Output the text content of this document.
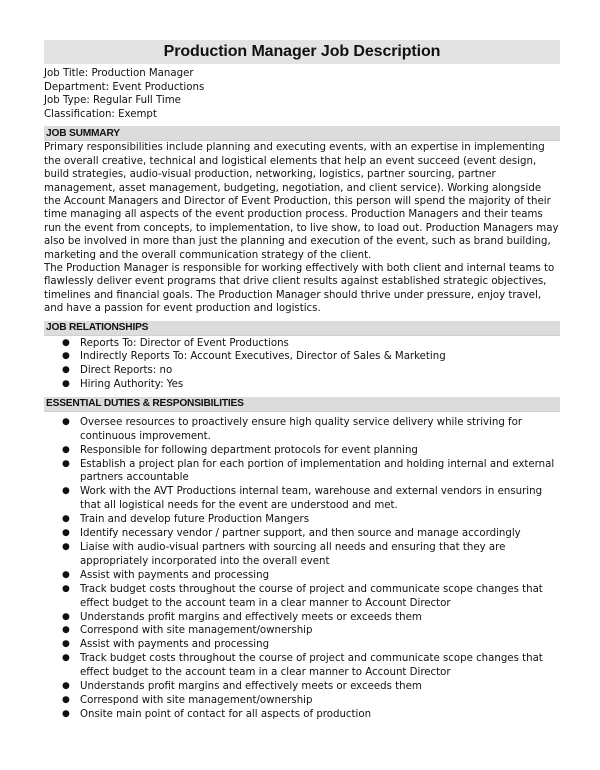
Production Manager Job Description
Job Title: Production Manager
Department: Event Productions
Job Type: Regular Full Time
Classification: Exempt
JOB SUMMARY

Primary responsibilities include planning and executing events, with an expertise in implementing the overall creative, technical and logistical elements that help an event succeed (event design, build strategies, audio-visual production, networking, logistics, partner sourcing, partner management, asset management, budgeting, negotiation, and client service). Working alongside the Account Managers and Director of Event Production, this person will spend the majority of their time managing all aspects of the event production process. Production Managers and their teams run the event from concepts, to implementation, to live show, to load out. Production Managers may also be involved in more than just the planning and execution of the event, such as brand building, marketing and the overall communication strategy of the client.

The Production Manager is responsible for working effectively with both client and internal teams to flawlessly deliver event programs that drive client results against established strategic objectives, timelines and financial goals. The Production Manager should thrive under pressure, enjoy travel, and have a passion for event production and logistics.

JOB RELATIONSHIPS
● Reports To: Director of Event Productions
● Indirectly Reports To: Account Executives, Director of Sales & Marketing
● Direct Reports: no
● Hiring Authority: Yes
ESSENTIAL DUTIES & RESPONSIBILITIES
● Oversee resources to proactively ensure high quality service delivery while striving for continuous improvement.
● Responsible for following department protocols for event planning
● Establish a project plan for each portion of implementation and holding internal and external partners accountable
● Work with the AVT Productions internal team, warehouse and external vendors in ensuring that all logistical needs for the event are understood and met.
● Train and develop future Production Mangers
● Identify necessary vendor / partner support, and then source and manage accordingly
● Liaise with audio-visual partners with sourcing all needs and ensuring that they are appropriately incorporated into the overall event
● Assist with payments and processing
● Track budget costs throughout the course of project and communicate scope changes that effect budget to the account team in a clear manner to Account Director
● Understands profit margins and effectively meets or exceeds them
● Correspond with site management/ownership
● Assist with payments and processing
● Track budget costs throughout the course of project and communicate scope changes that effect budget to the account team in a clear manner to Account Director
● Understands profit margins and effectively meets or exceeds them
● Correspond with site management/ownership
● Onsite main point of contact for all aspects of production
